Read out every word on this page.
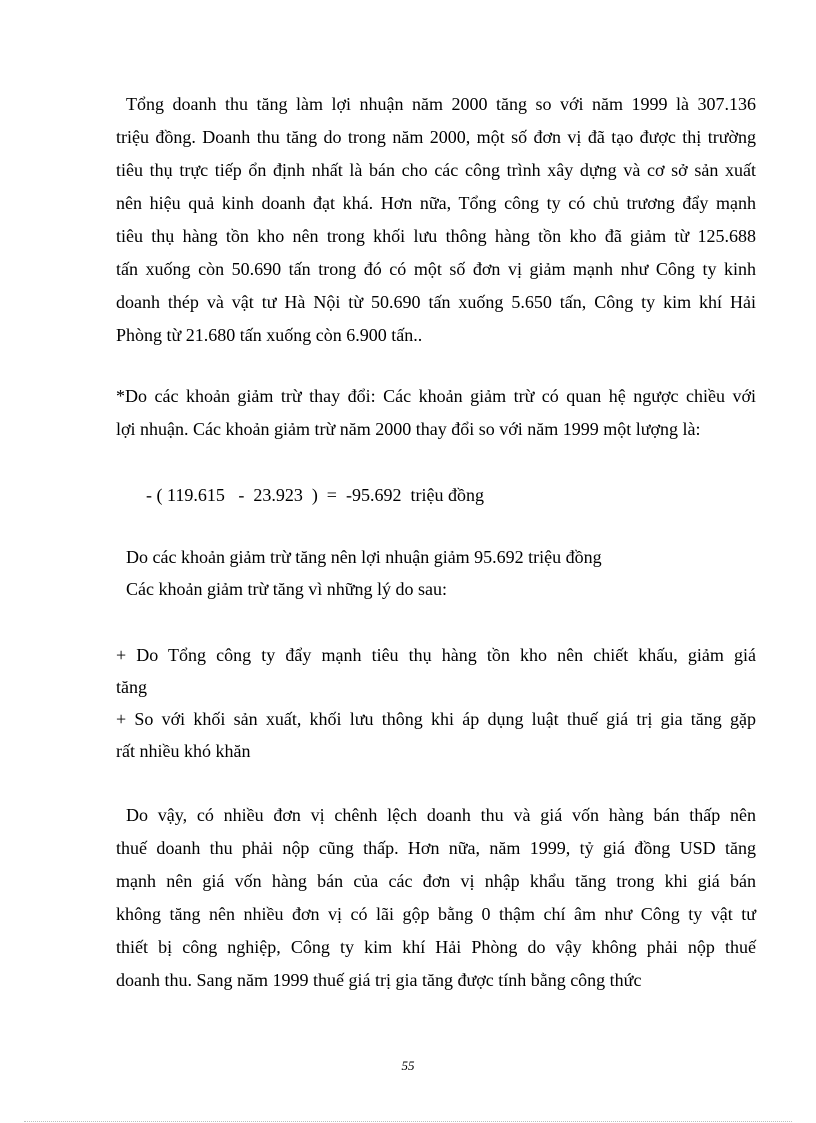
Tổng doanh thu tăng làm lợi nhuận năm 2000 tăng so với năm 1999 là 307.136
triệu đồng. Doanh thu tăng do trong năm 2000, một số đơn vị đã tạo được thị trường
tiêu thụ trực tiếp ổn định nhất là bán cho các công trình xây dựng và cơ sở sản xuất
nên hiệu quả kinh doanh đạt khá. Hơn nữa, Tổng công ty có chủ trương đẩy mạnh
tiêu thụ hàng tồn kho nên trong khối lưu thông hàng tồn kho đã giảm từ 125.688
tấn xuống còn 50.690 tấn trong đó có một số đơn vị giảm mạnh như Công ty kinh
doanh thép và vật tư Hà Nội từ 50.690 tấn xuống 5.650 tấn, Công ty kim khí Hải
Phòng từ 21.680 tấn xuống còn 6.900 tấn..
*Do các khoản giảm trừ thay đổi: Các khoản giảm trừ có quan hệ ngược chiều với
lợi nhuận. Các khoản giảm trừ năm 2000 thay đổi so với năm 1999 một lượng là:
- ( 119.615   -  23.923  )  =  -95.692  triệu đồng
Do các khoản giảm trừ tăng nên lợi nhuận giảm 95.692 triệu đồng
Các khoản giảm trừ tăng vì những lý do sau:
+ Do Tổng công ty đẩy mạnh tiêu thụ hàng tồn kho nên chiết khấu, giảm giá
tăng
+ So với khối sản xuất, khối lưu thông khi áp dụng luật thuế giá trị gia tăng gặp
rất nhiều khó khăn
Do vậy, có nhiều đơn vị chênh lệch doanh thu và giá vốn hàng bán thấp nên
thuế doanh thu phải nộp cũng thấp. Hơn nữa, năm 1999, tỷ giá đồng USD tăng
mạnh nên giá vốn hàng bán của các đơn vị nhập khẩu tăng trong khi giá bán
không tăng nên nhiều đơn vị có lãi gộp bằng 0 thậm chí âm như Công ty vật tư
thiết bị công nghiệp, Công ty kim khí Hải Phòng do vậy không phải nộp thuế
doanh thu. Sang năm 1999 thuế giá trị gia tăng được tính bằng công thức
55
